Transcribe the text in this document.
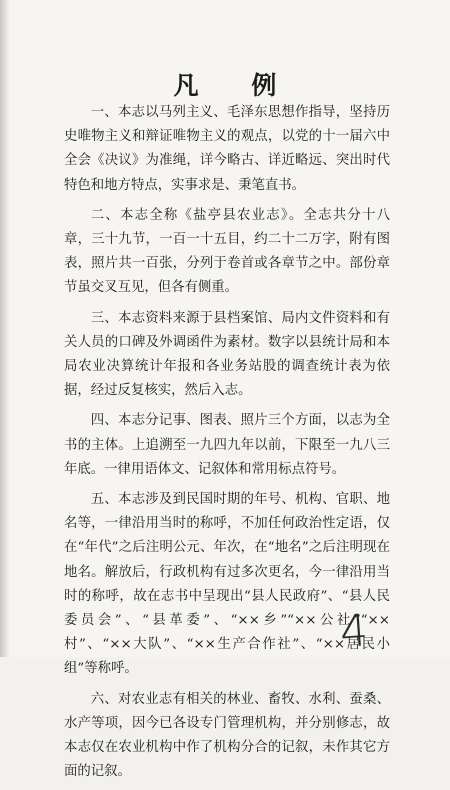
凡 例

一、本志以马列主义、毛泽东思想作指导，坚持历史唯物主义和辩证唯物主义的观点，以党的十一届六中全会《决议》为准绳，详今略古、详近略远、突出时代特色和地方特点，实事求是、秉笔直书。

二、本志全称《盐亭县农业志》。全志共分十八章，三十九节，一百一十五目，约二十二万字，附有图表，照片共一百张，分列于卷首或各章节之中。部份章节虽交叉互见，但各有侧重。

三、本志资料来源于县档案馆、局内文件资料和有关人员的口碑及外调函件为素材。数字以县统计局和本局农业决算统计年报和各业务站股的调查统计表为依据，经过反复核实，然后入志。

四、本志分记事、图表、照片三个方面，以志为全书的主体。上追溯至一九四九年以前，下限至一九八三年底。一律用语体文、记叙体和常用标点符号。

五、本志涉及到民国时期的年号、机构、官职、地名等，一律沿用当时的称呼，不加任何政治性定语，仅在“年代”之后注明公元、年次，在“地名”之后注明现在地名。解放后，行政机构有过多次更名，今一律沿用当时的称呼，故在志书中呈现出“县人民政府”、“县人民委员会”、“县革委”、“××乡”“××公社”“××村”、“××大队”、“××生产合作社”、“××居民小组”等称呼。

六、对农业志有相关的林业、畜牧、水利、蚕桑、水产等项，因今已各设专门管理机构，并分别修志，故本志仅在农业机构中作了机构分合的记叙，未作其它方面的记叙。

4
